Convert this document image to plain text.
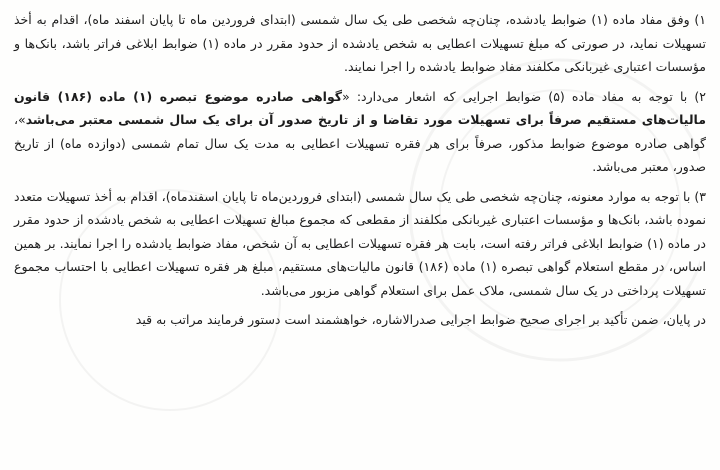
۱) وفق مفاد ماده (۱) ضوابط یادشده، چنان‌چه شخصی طی یک سال شمسی (ابتدای فروردین ماه تا پایان اسفند ماه)، اقدام به أخذ تسهیلات نماید، در صورتی که مبلغ تسهیلات اعطایی به شخص یادشده از حدود مقرر در ماده (۱) ضوابط ابلاغی فراتر باشد، بانک‌ها و مؤسسات اعتباری غیربانکی مکلفند مفاد ضوابط یادشده را اجرا نمایند.

۲) با توجه به مفاد ماده (۵) ضوابط اجرایی که اشعار می‌دارد: «گواهی صادره موضوع تبصره (۱) ماده (۱۸۶) قانون مالیات‌های مستقیم صرفاً برای تسهیلات مورد تقاضا و از تاریخ صدور آن برای یک سال شمسی معتبر می‌باشد»، گواهی صادره موضوع ضوابط مذکور، صرفاً برای هر فقره تسهیلات اعطایی به مدت یک سال تمام شمسی (دوازده ماه) از تاریخ صدور، معتبر می‌باشد.

۳) با توجه به موارد معنونه، چنان‌چه شخصی طی یک سال شمسی (ابتدای فروردین‌ماه تا پایان اسفندماه)، اقدام به أخذ تسهیلات متعدد نموده باشد، بانک‌ها و مؤسسات اعتباری غیربانکی مکلفند از مقطعی که مجموع مبالغ تسهیلات اعطایی به شخص یادشده از حدود مقرر در ماده (۱) ضوابط ابلاغی فراتر رفته است، بابت هر فقره تسهیلات اعطایی به آن شخص، مفاد ضوابط یادشده را اجرا نمایند. بر همین اساس، در مقطع استعلام گواهی تبصره (۱) ماده (۱۸۶) قانون مالیات‌های مستقیم، مبلغ هر فقره تسهیلات اعطایی با احتساب مجموع تسهیلات پرداختی در یک سال شمسی، ملاک عمل برای استعلام گواهی مزبور می‌باشد.

در پایان، ضمن تأکید بر اجرای صحیح ضوابط اجرایی صدرالاشاره، خواهشمند است دستور فرمایند مراتب به قید
